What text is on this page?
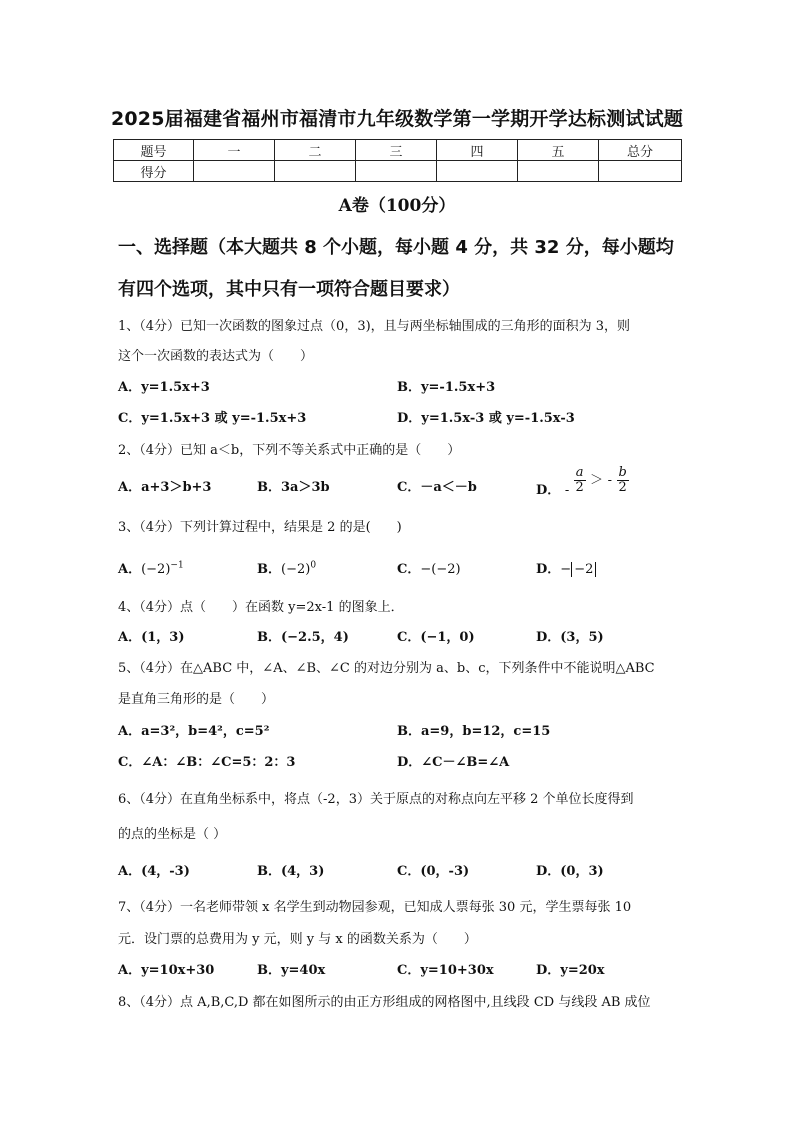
2025届福建省福州市福清市九年级数学第一学期开学达标测试试题
题号	一	二	三	四	五	总分
得分						
A卷（100分）
一、选择题（本大题共 8 个小题，每小题 4 分，共 32 分，每小题均
有四个选项，其中只有一项符合题目要求）
1、（4分）已知一次函数的图象过点（0，3)，且与两坐标轴围成的三角形的面积为 3，则
这个一次函数的表达式为（　　）
A．y=1.5x+3	B．y=-1.5x+3
C．y=1.5x+3 或 y=-1.5x+3	D．y=1.5x-3 或 y=-1.5x-3
2、（4分）已知 a＜b，下列不等关系式中正确的是（　　）
A．a+3＞b+3	B．3a＞3b	C．－a＜－b	D． - $\frac{a}{2}$ ＞ - $\frac{b}{2}$
3、（4分）下列计算过程中，结果是 2 的是(　　)
A．$(-2)^{-1}$	B．$(-2)^0$	C．−(−2)	D．− −2
4、（4分）点（　　）在函数 y=2x-1 的图象上．
A．(1，3)	B．(−2.5，4)	C．(−1，0)	D．(3，5)
5、（4分）在△ABC 中，∠A、∠B、∠C 的对边分别为 a、b、c，下列条件中不能说明△ABC
是直角三角形的是（　　）
A．a=3²，b=4²，c=5²	B．a=9，b=12，c=15
C．∠A：∠B：∠C=5：2：3	D．∠C－∠B=∠A
6、（4分）在直角坐标系中，将点（-2，3）关于原点的对称点向左平移 2 个单位长度得到
的点的坐标是（ ）
A．(4，-3)	B．(4，3)	C．(0，-3)	D．(0，3)
7、（4分）一名老师带领 x 名学生到动物园参观，已知成人票每张 30 元，学生票每张 10
元．设门票的总费用为 y 元，则 y 与 x 的函数关系为（　　）
A．y=10x+30	B．y=40x	C．y=10+30x	D．y=20x
8、（4分）点 A,B,C,D 都在如图所示的由正方形组成的网格图中,且线段 CD 与线段 AB 成位
